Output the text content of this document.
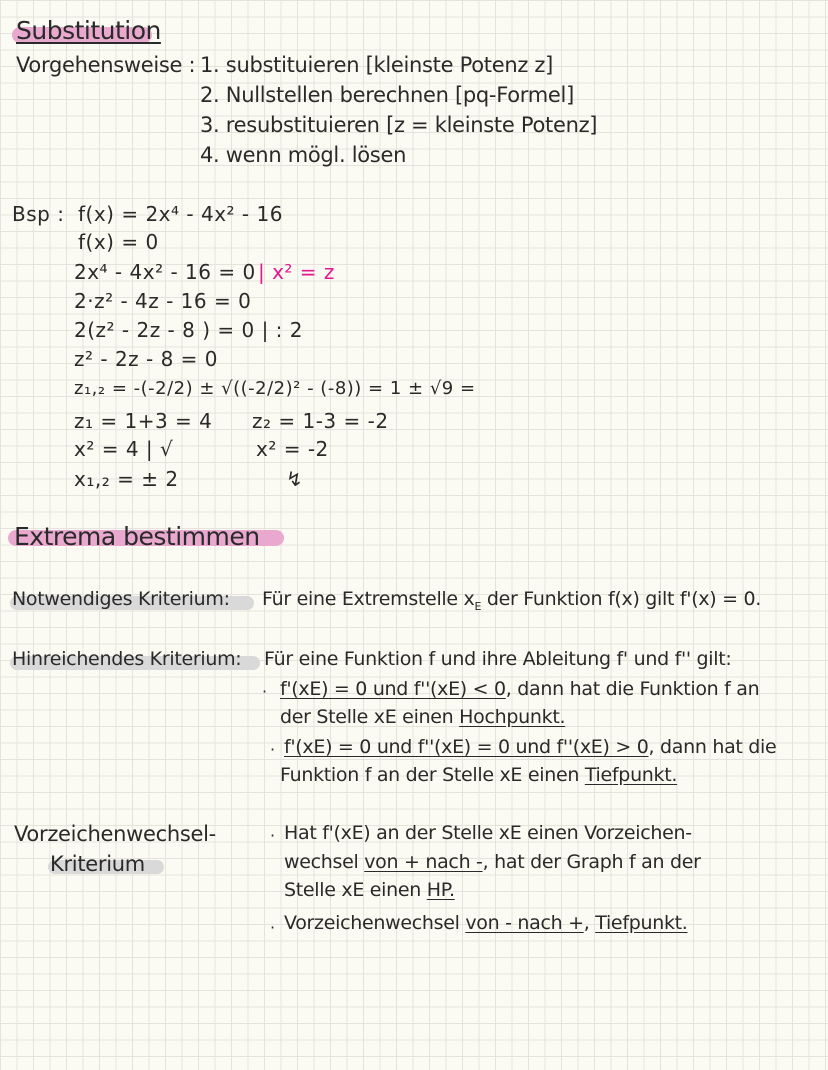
Substitution
Vorgehensweise : 1. substituieren [kleinste Potenz z]
2. Nullstellen berechnen [pq-Formel]
3. resubstituieren [z = kleinste Potenz]
4. wenn mögl. lösen
Bsp : f(x) = 2x⁴ - 4x² - 16
f(x) = 0
2x⁴ - 4x² - 16 = 0 | x² = z
2·z² - 4z - 16 = 0
2(z² - 2z - 8 ) = 0 | : 2
z² - 2z - 8 = 0
z₁,₂ = -(-2/2) ± √((-2/2)² - (-8)) = 1 ± √9 =
z₁ = 1+3 = 4
x² = 4 | √
x₁,₂ = ± 2
z₂ = 1-3 = -2
x² = -2
↯
Extrema bestimmen
Notwendiges Kriterium: Für eine Extremstelle $x_E$ der Funktion f(x) gilt f'(x) = 0.
Hinreichendes Kriterium: Für eine Funktion f und ihre Ableitung f' und f'' gilt:
· f'(xE) = 0 und f''(xE) < 0, dann hat die Funktion f an
der Stelle xE einen Hochpunkt.
· f'(xE) = 0 und f''(xE) = 0 und f''(xE) > 0, dann hat die
Funktion f an der Stelle xE einen Tiefpunkt.
Vorzeichenwechsel-
Kriterium
· Hat f'(xE) an der Stelle xE einen Vorzeichen-
wechsel von + nach -, hat der Graph f an der
Stelle xE einen HP.
· Vorzeichenwechsel von - nach +, Tiefpunkt.
